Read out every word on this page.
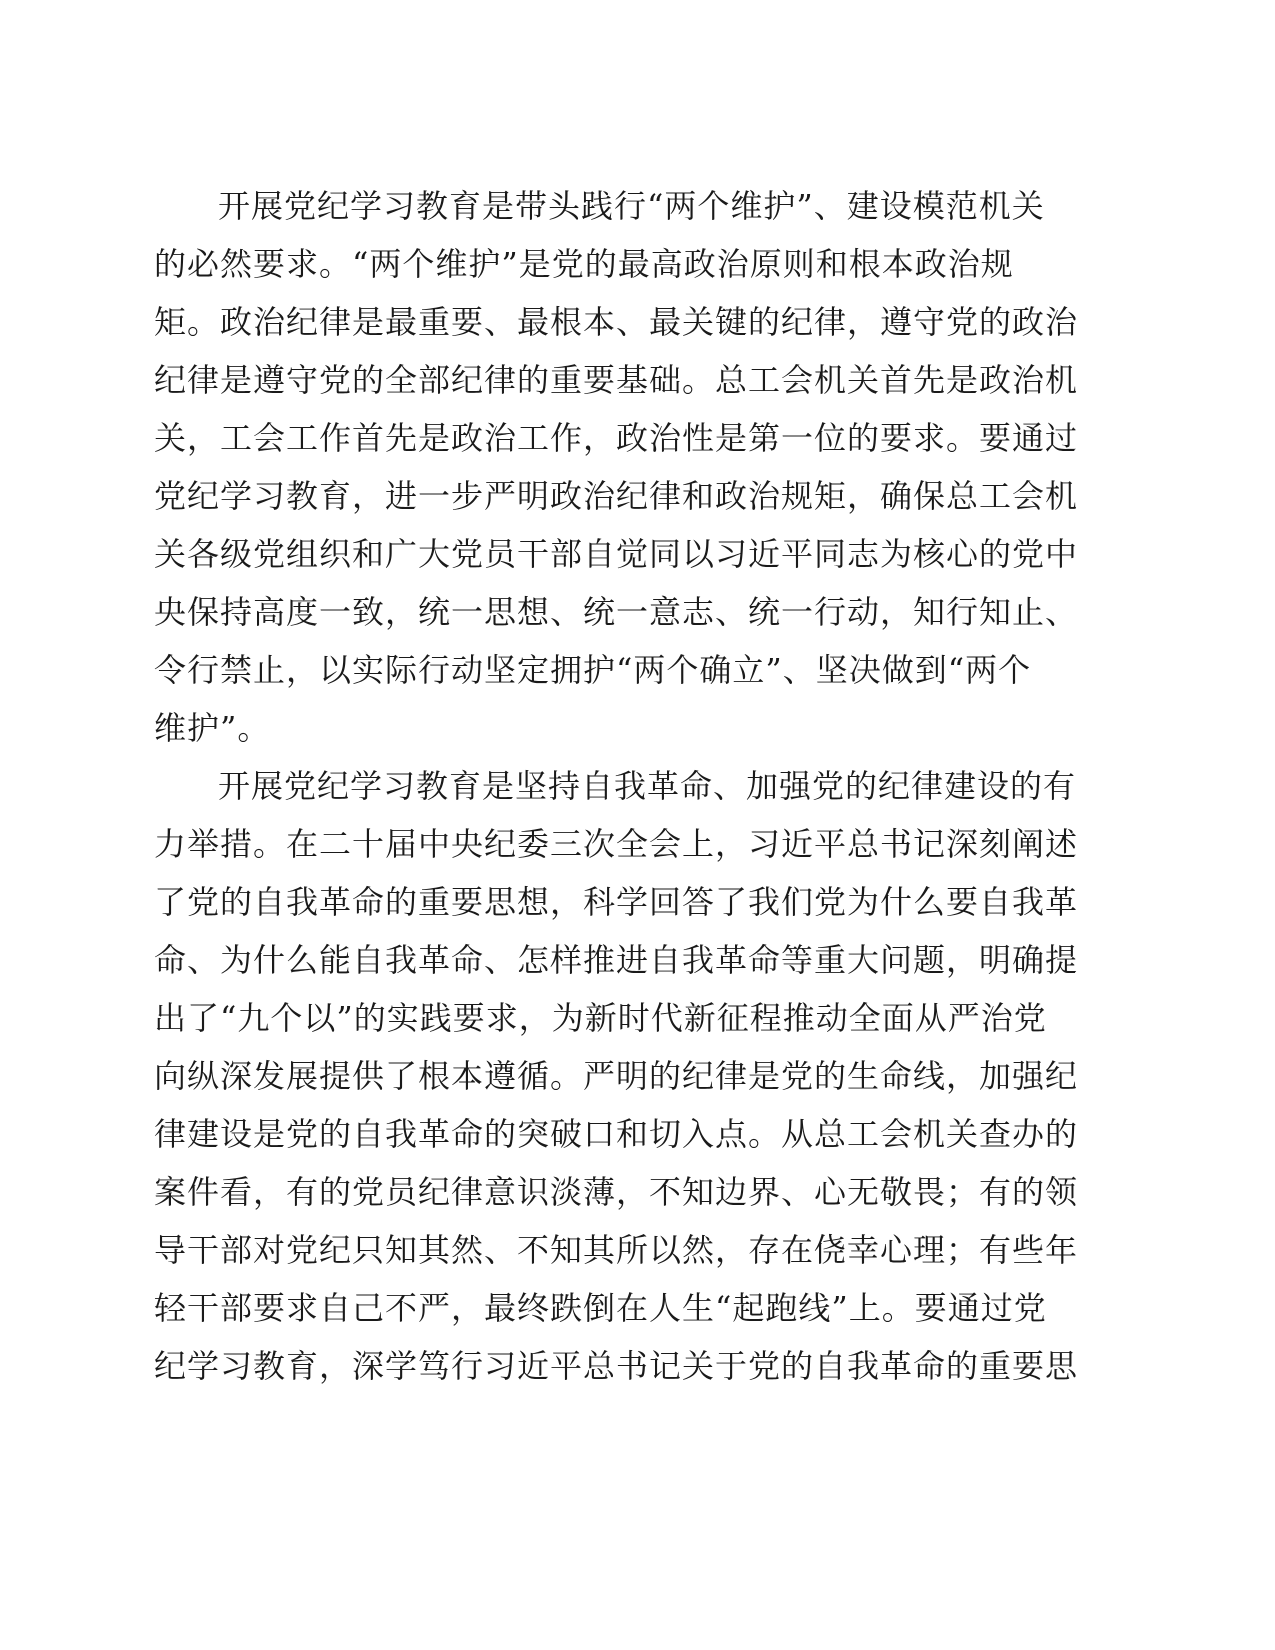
开展党纪学习教育是带头践行“两个维护”、建设模范机关
的必然要求。“两个维护”是党的最高政治原则和根本政治规
矩。政治纪律是最重要、最根本、最关键的纪律，遵守党的政治
纪律是遵守党的全部纪律的重要基础。总工会机关首先是政治机
关，工会工作首先是政治工作，政治性是第一位的要求。要通过
党纪学习教育，进一步严明政治纪律和政治规矩，确保总工会机
关各级党组织和广大党员干部自觉同以习近平同志为核心的党中
央保持高度一致，统一思想、统一意志、统一行动，知行知止、
令行禁止，以实际行动坚定拥护“两个确立”、坚决做到“两个
维护”。
开展党纪学习教育是坚持自我革命、加强党的纪律建设的有
力举措。在二十届中央纪委三次全会上，习近平总书记深刻阐述
了党的自我革命的重要思想，科学回答了我们党为什么要自我革
命、为什么能自我革命、怎样推进自我革命等重大问题，明确提
出了“九个以”的实践要求，为新时代新征程推动全面从严治党
向纵深发展提供了根本遵循。严明的纪律是党的生命线，加强纪
律建设是党的自我革命的突破口和切入点。从总工会机关查办的
案件看，有的党员纪律意识淡薄，不知边界、心无敬畏；有的领
导干部对党纪只知其然、不知其所以然，存在侥幸心理；有些年
轻干部要求自己不严，最终跌倒在人生“起跑线”上。要通过党
纪学习教育，深学笃行习近平总书记关于党的自我革命的重要思
